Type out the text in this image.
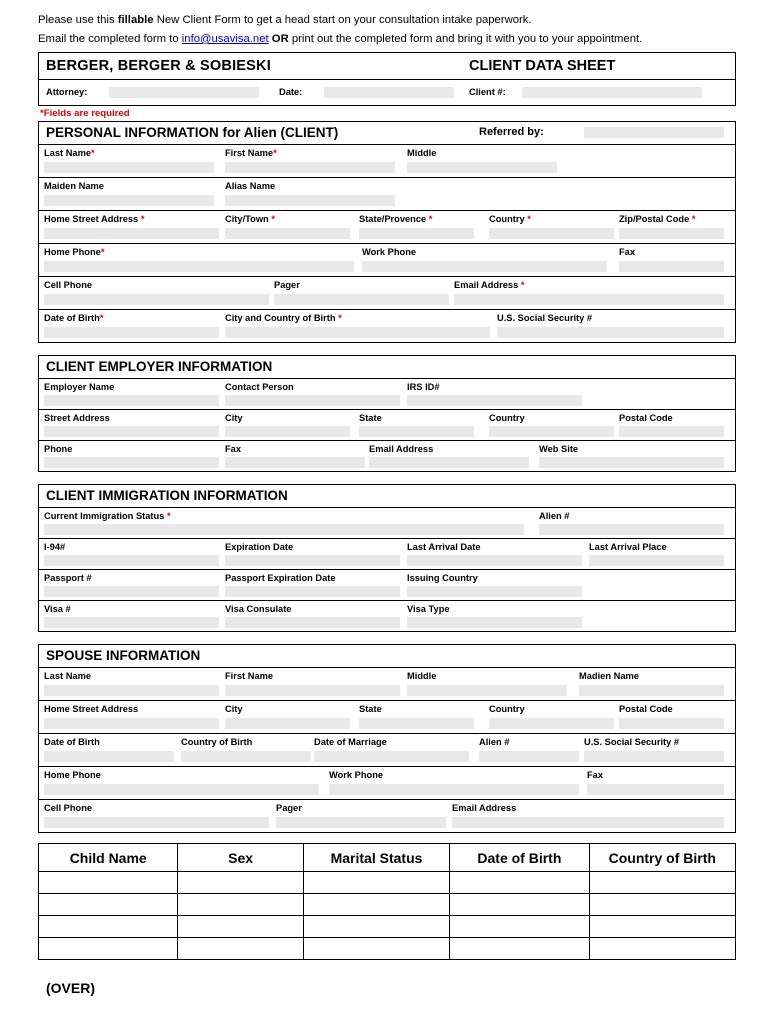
Please use this fillable New Client Form to get a head start on your consultation intake paperwork.
Email the completed form to info@usavisa.net OR print out the completed form and bring it with you to your appointment.
BERGER, BERGER & SOBIESKI	CLIENT DATA SHEET
Attorney:	Date:	Client #:
*Fields are required
PERSONAL INFORMATION for Alien (CLIENT)	Referred by:
Last Name*	First Name*	Middle
Maiden Name	Alias Name
Home Street Address *	City/Town *	State/Provence *	Country *	Zip/Postal Code *
Home Phone*	Work Phone	Fax
Cell Phone	Pager	Email Address *
Date of Birth*	City and Country of Birth *	U.S. Social Security #
CLIENT EMPLOYER INFORMATION
Employer Name	Contact Person	IRS ID#
Street Address	City	State	Country	Postal Code
Phone	Fax	Email Address	Web Site
CLIENT IMMIGRATION INFORMATION
Current Immigration Status *	Alien #
I-94#	Expiration Date	Last Arrival Date	Last Arrival Place
Passport #	Passport Expiration Date	Issuing Country
Visa #	Visa Consulate	Visa Type
SPOUSE INFORMATION
Last Name	First Name	Middle	Madien Name
Home Street Address	City	State	Country	Postal Code
Date of Birth	Country of Birth	Date of Marriage	Alien #	U.S. Social Security #
Home Phone	Work Phone	Fax
Cell Phone	Pager	Email Address
Child Name	Sex	Marital Status	Date of Birth	Country of Birth

(OVER)
